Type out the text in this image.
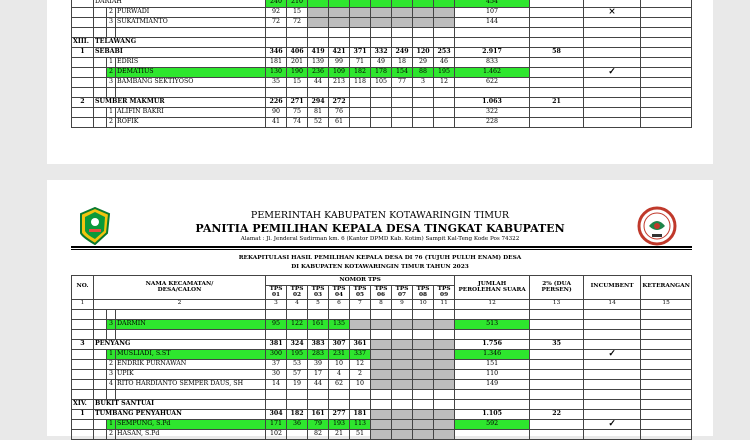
	DARIAH			240	210								454			
		2	PURWADI	92	15								107		×	
		3	SUKATMIANTO	72	72								144			

XIII.	TELAWANG															
1	SEBABI			346	406	419	421	371	332	249	120	253	2.917	58		
		1	EDRIS	181	201	139	99	71	49	18	29	46	833			
		2	DEMATIUS	130	190	236	109	182	178	154	88	195	1.462		✓	
		3	BAMBANG SEKTIYOSO	35	15	44	213	118	105	77	3	12	622			

2	SUMBER MAKMUR			226	271	294	272						1.063	21		
		1	ALIFIN BAKRI	90	75	81	76						322			
		2	ROFIK	41	74	52	61						228			
PEMERINTAH KABUPATEN KOTAWARINGIN TIMUR
PANITIA PEMILIHAN KEPALA DESA TINGKAT KABUPATEN
Alamat : Jl. Jenderal Sudirman km. 6 (Kantor DPMD Kab. Kotim) Sampit Kal-Teng Kode Pos 74322
REKAPITULASI HASIL PEMILIHAN KEPALA DESA DI 76 (TUJUH PULUH ENAM) DESA
DI KABUPATEN KOTAWARINGIN TIMUR TAHUN 2023
NO.	NAMA KECAMATAN/
DESA/CALON			NOMOR TPS									JUMLAH PEROLEHAN SUARA	2% (DUA PERSEN)	INCUMBENT	KETERANGAN
				TPS 01	TPS 02	TPS 03	TPS 04	TPS 05	TPS 06	TPS 07	TPS 08	TPS 09				
1	2			3	4	5	6	7	8	9	10	11	12	13	14	15

		3	DARMIN	95	122	161	135						513			

3	PENYANG			381	324	383	307	361					1.756	35		
		1	MUSLIADI, S.ST	300	195	283	231	337					1.346		✓	
		2	ENDRIK PURNAWAN	37	53	39	10	12					151			
		3	UPIK	30	57	17	4	2					110			
		4	RITO HARDIANTO SEMPER DAUS, SH	14	19	44	62	10					149			

XIV.	BUKIT SANTUAI															
1	TUMBANG PENYAHUAN			304	182	161	277	181					1.105	22		
		1	SEMPUNG, S.Pd	171	36	79	193	113					592		✓	
		2	HASAN, S.Pd	102		82	21	51								
